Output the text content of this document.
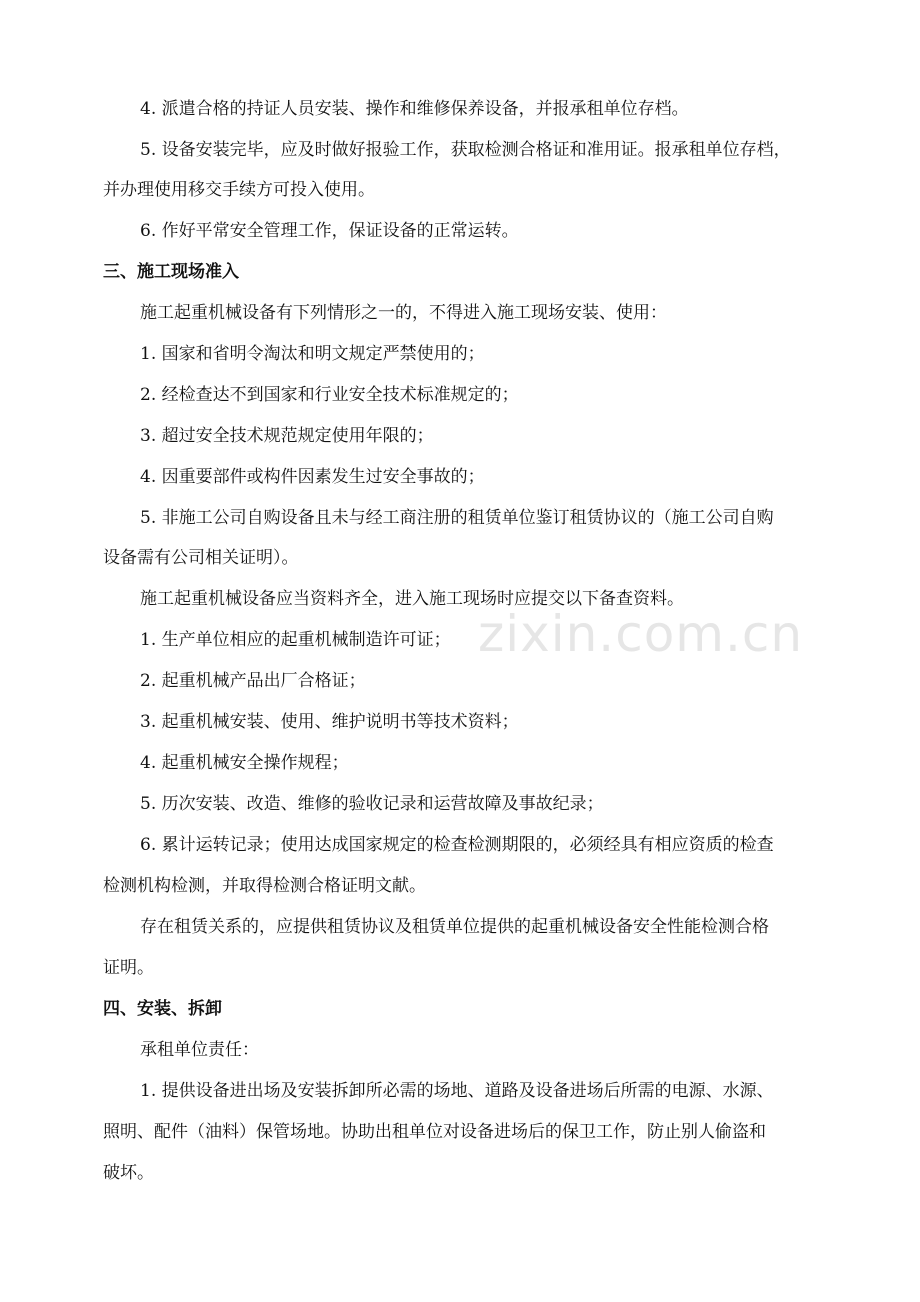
zixin.com.cn
4. 派遣合格的持证人员安装、操作和维修保养设备，并报承租单位存档。
5. 设备安装完毕，应及时做好报验工作，获取检测合格证和准用证。报承租单位存档，
并办理使用移交手续方可投入使用。
6. 作好平常安全管理工作，保证设备的正常运转。
三、施工现场准入
施工起重机械设备有下列情形之一的，不得进入施工现场安装、使用：
1. 国家和省明令淘汰和明文规定严禁使用的；
2. 经检查达不到国家和行业安全技术标准规定的；
3. 超过安全技术规范规定使用年限的；
4. 因重要部件或构件因素发生过安全事故的；
5. 非施工公司自购设备且未与经工商注册的租赁单位鉴订租赁协议的（施工公司自购
设备需有公司相关证明）。
施工起重机械设备应当资料齐全，进入施工现场时应提交以下备查资料。
1. 生产单位相应的起重机械制造许可证；
2. 起重机械产品出厂合格证；
3. 起重机械安装、使用、维护说明书等技术资料；
4. 起重机械安全操作规程；
5. 历次安装、改造、维修的验收记录和运营故障及事故纪录；
6. 累计运转记录；使用达成国家规定的检查检测期限的，必须经具有相应资质的检查
检测机构检测，并取得检测合格证明文献。
存在租赁关系的，应提供租赁协议及租赁单位提供的起重机械设备安全性能检测合格
证明。
四、安装、拆卸
承租单位责任：
1. 提供设备进出场及安装拆卸所必需的场地、道路及设备进场后所需的电源、水源、
照明、配件（油料）保管场地。协助出租单位对设备进场后的保卫工作，防止别人偷盗和
破坏。
